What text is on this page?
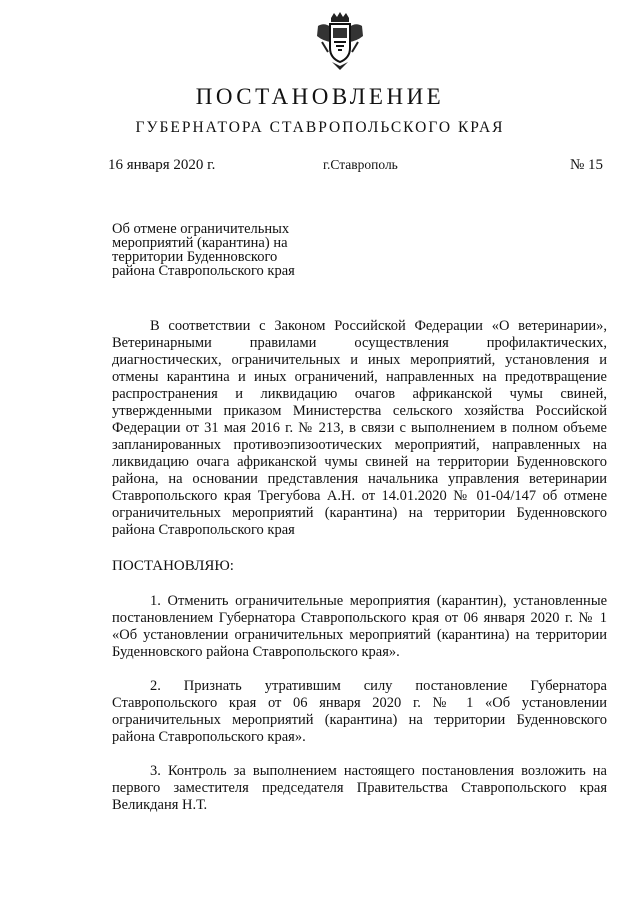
ПОСТАНОВЛЕНИЕ
ГУБЕРНАТОРА СТАВРОПОЛЬСКОГО КРАЯ
16 января 2020 г.	г.Ставрополь	№ 15
Об отмене ограничительных мероприятий (карантина) на территории Буденновского района Ставропольского края

В соответствии с Законом Российской Федерации «О ветеринарии», Ветеринарными правилами осуществления профилактических, диагностических, ограничительных и иных мероприятий, установления и отмены карантина и иных ограничений, направленных на предотвращение распространения и ликвидацию очагов африканской чумы свиней, утвержденными приказом Министерства сельского хозяйства Российской Федерации от 31 мая 2016 г. № 213, в связи с выполнением в полном объеме запланированных противоэпизоотических мероприятий, направленных на ликвидацию очага африканской чумы свиней на территории Буденновского района, на основании представления начальника управления ветеринарии Ставропольского края Трегубова А.Н. от 14.01.2020 № 01-04/147 об отмене ограничительных мероприятий (карантина) на территории Буденновского района Ставропольского края

ПОСТАНОВЛЯЮ:

1. Отменить ограничительные мероприятия (карантин), установленные постановлением Губернатора Ставропольского края от 06 января 2020 г. № 1 «Об установлении ограничительных мероприятий (карантина) на территории Буденновского района Ставропольского края».

2. Признать утратившим силу постановление Губернатора Ставропольского края от 06 января 2020 г. № 1 «Об установлении ограничительных мероприятий (карантина) на территории Буденновского района Ставропольского края».

3. Контроль за выполнением настоящего постановления возложить на первого заместителя председателя Правительства Ставропольского края Великданя Н.Т.
